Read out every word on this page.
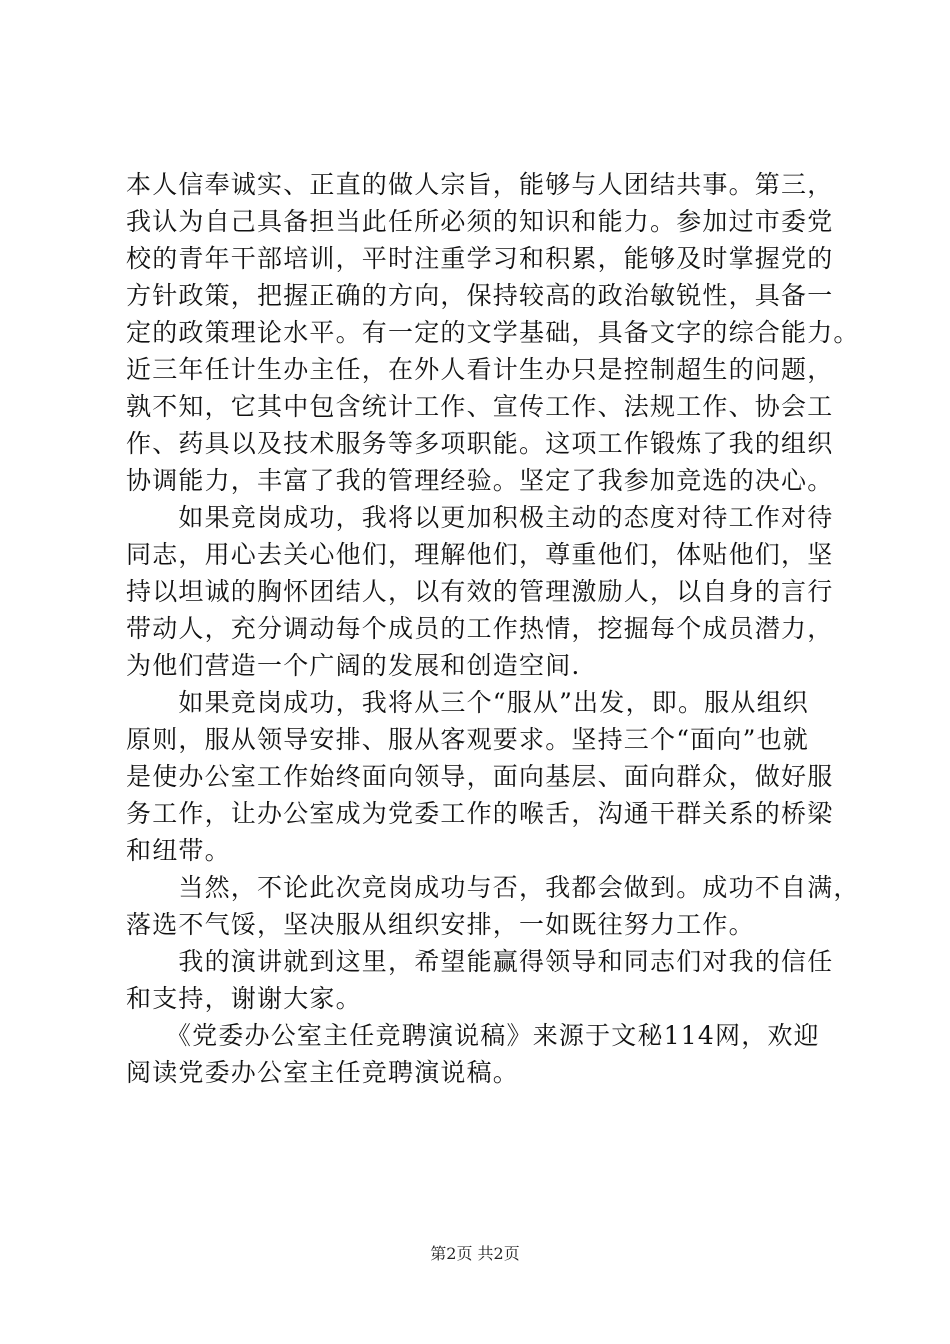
本人信奉诚实、正直的做人宗旨，能够与人团结共事。第三，
我认为自己具备担当此任所必须的知识和能力。参加过市委党
校的青年干部培训，平时注重学习和积累，能够及时掌握党的
方针政策，把握正确的方向，保持较高的政治敏锐性，具备一
定的政策理论水平。有一定的文学基础，具备文字的综合能力。
近三年任计生办主任，在外人看计生办只是控制超生的问题，
孰不知，它其中包含统计工作、宣传工作、法规工作、协会工
作、药具以及技术服务等多项职能。这项工作锻炼了我的组织
协调能力，丰富了我的管理经验。坚定了我参加竞选的决心。
　　如果竞岗成功，我将以更加积极主动的态度对待工作对待
同志，用心去关心他们，理解他们，尊重他们，体贴他们，坚
持以坦诚的胸怀团结人，以有效的管理激励人，以自身的言行
带动人，充分调动每个成员的工作热情，挖掘每个成员潜力，
为他们营造一个广阔的发展和创造空间.
　　如果竞岗成功，我将从三个“服从”出发，即。服从组织
原则，服从领导安排、服从客观要求。坚持三个“面向”也就
是使办公室工作始终面向领导，面向基层、面向群众，做好服
务工作，让办公室成为党委工作的喉舌，沟通干群关系的桥梁
和纽带。
　　当然，不论此次竞岗成功与否，我都会做到。成功不自满，
落选不气馁，坚决服从组织安排，一如既往努力工作。
　　我的演讲就到这里，希望能赢得领导和同志们对我的信任
和支持，谢谢大家。
　　《党委办公室主任竞聘演说稿》来源于文秘114网，欢迎
阅读党委办公室主任竞聘演说稿。
第2页 共2页
